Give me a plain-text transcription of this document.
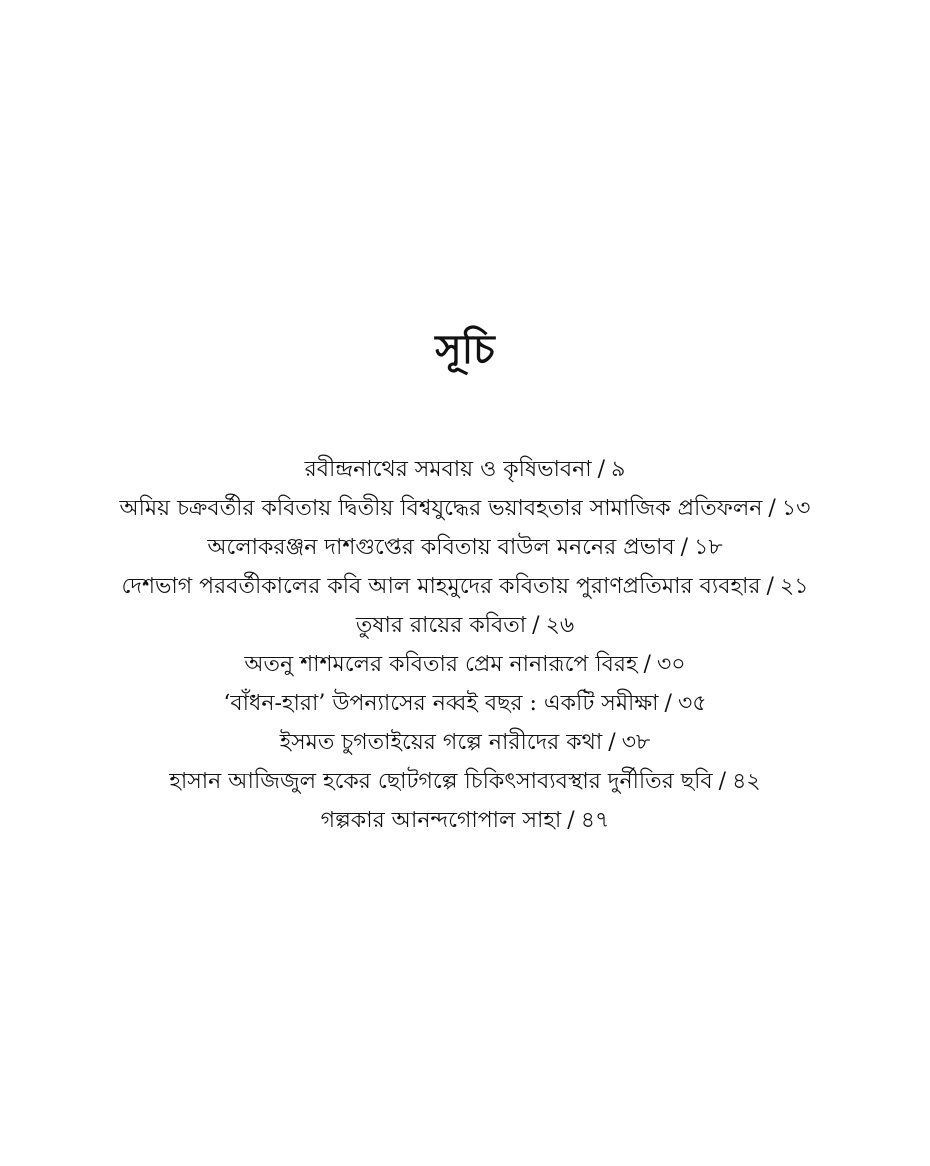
সূচি
রবীন্দ্রনাথের সমবায় ও কৃষিভাবনা / ৯
অমিয় চক্রবর্তীর কবিতায় দ্বিতীয় বিশ্বযুদ্ধের ভয়াবহতার সামাজিক প্রতিফলন / ১৩
অলোকরঞ্জন দাশগুপ্তের কবিতায় বাউল মননের প্রভাব / ১৮
দেশভাগ পরবর্তীকালের কবি আল মাহমুদের কবিতায় পুরাণপ্রতিমার ব্যবহার / ২১
তুষার রায়ের কবিতা / ২৬
অতনু শাশমলের কবিতার প্রেম নানারূপে বিরহ / ৩০
‘বাঁধন-হারা’ উপন্যাসের নব্বই বছর : একটি সমীক্ষা / ৩৫
ইসমত চুগতাইয়ের গল্পে নারীদের কথা / ৩৮
হাসান আজিজুল হকের ছোটগল্পে চিকিৎসাব্যবস্থার দুর্নীতির ছবি / ৪২
গল্পকার আনন্দগোপাল সাহা / ৪৭
